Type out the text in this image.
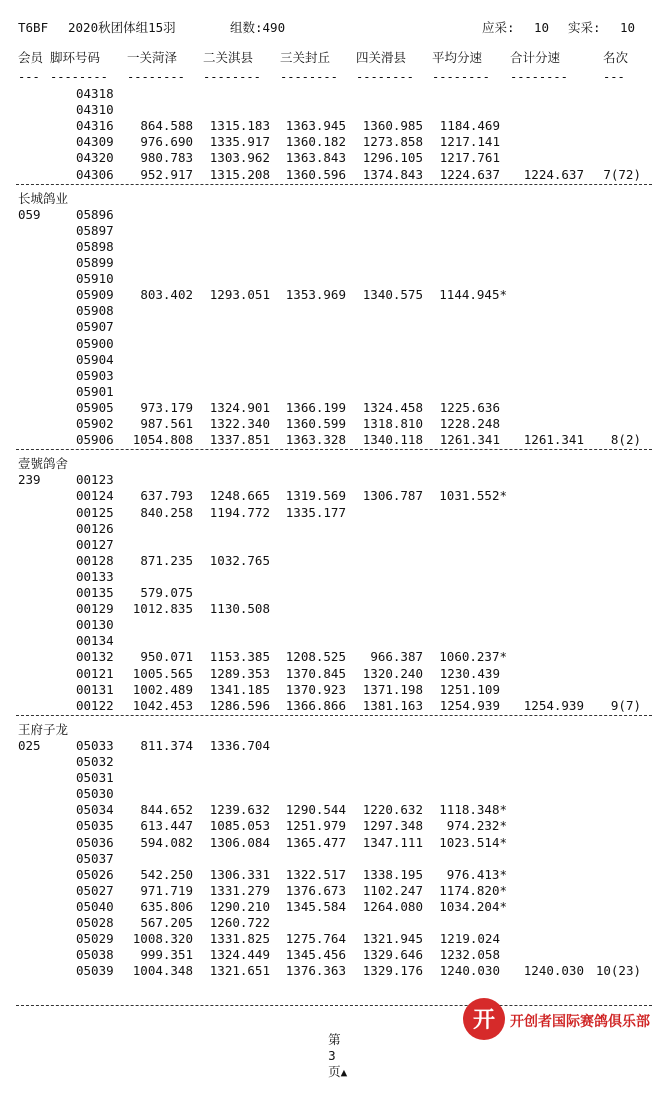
T6BF 2020秋团体组15羽	组数:490	应采: 10 实采: 10
会员 脚环号码 一关菏泽 二关淇县 三关封丘 四关滑县 平均分速 合计分速	名次
--- -------- -------- -------- -------- -------- -------- --------	---
04318
04310
04316 864.588 1315.183 1363.945 1360.985 1184.469
04309 976.690 1335.917 1360.182 1273.858 1217.141
04320 980.783 1303.962 1363.843 1296.105 1217.761
04306 952.917 1315.208 1360.596 1374.843 1224.637 1224.637 7(72)
长城鸽业
059	05896
05897
05898
05899
05910
05909 803.402 1293.051 1353.969 1340.575 1144.945*
05908
05907
05900
05904
05903
05901
05905 973.179 1324.901 1366.199 1324.458 1225.636
05902 987.561 1322.340 1360.599 1318.810 1228.248
05906 1054.808 1337.851 1363.328 1340.118 1261.341 1261.341 8(2)
壹號鸽舍
239	00123
00124 637.793 1248.665 1319.569 1306.787 1031.552*
00125 840.258 1194.772 1335.177
00126
00127
00128 871.235 1032.765
00133
00135 579.075
00129 1012.835 1130.508
00130
00134
00132 950.071 1153.385 1208.525 966.387 1060.237*
00121 1005.565 1289.353 1370.845 1320.240 1230.439
00131 1002.489 1341.185 1370.923 1371.198 1251.109
00122 1042.453 1286.596 1366.866 1381.163 1254.939 1254.939 9(7)
王府子龙
025	05033 811.374 1336.704
05032
05031
05030
05034 844.652 1239.632 1290.544 1220.632 1118.348*
05035 613.447 1085.053 1251.979 1297.348 974.232*
05036 594.082 1306.084 1365.477 1347.111 1023.514*
05037
05026 542.250 1306.331 1322.517 1338.195 976.413*
05027 971.719 1331.279 1376.673 1102.247 1174.820*
05040 635.806 1290.210 1345.584 1264.080 1034.204*
05028 567.205 1260.722
05029 1008.320 1331.825 1275.764 1321.945 1219.024
05038 999.351 1324.449 1345.456 1329.646 1232.058
05039 1004.348 1321.651 1376.363 1329.176 1240.030 1240.030 10(23)

第
3
页▲

开 开创者国际赛鸽俱乐部
